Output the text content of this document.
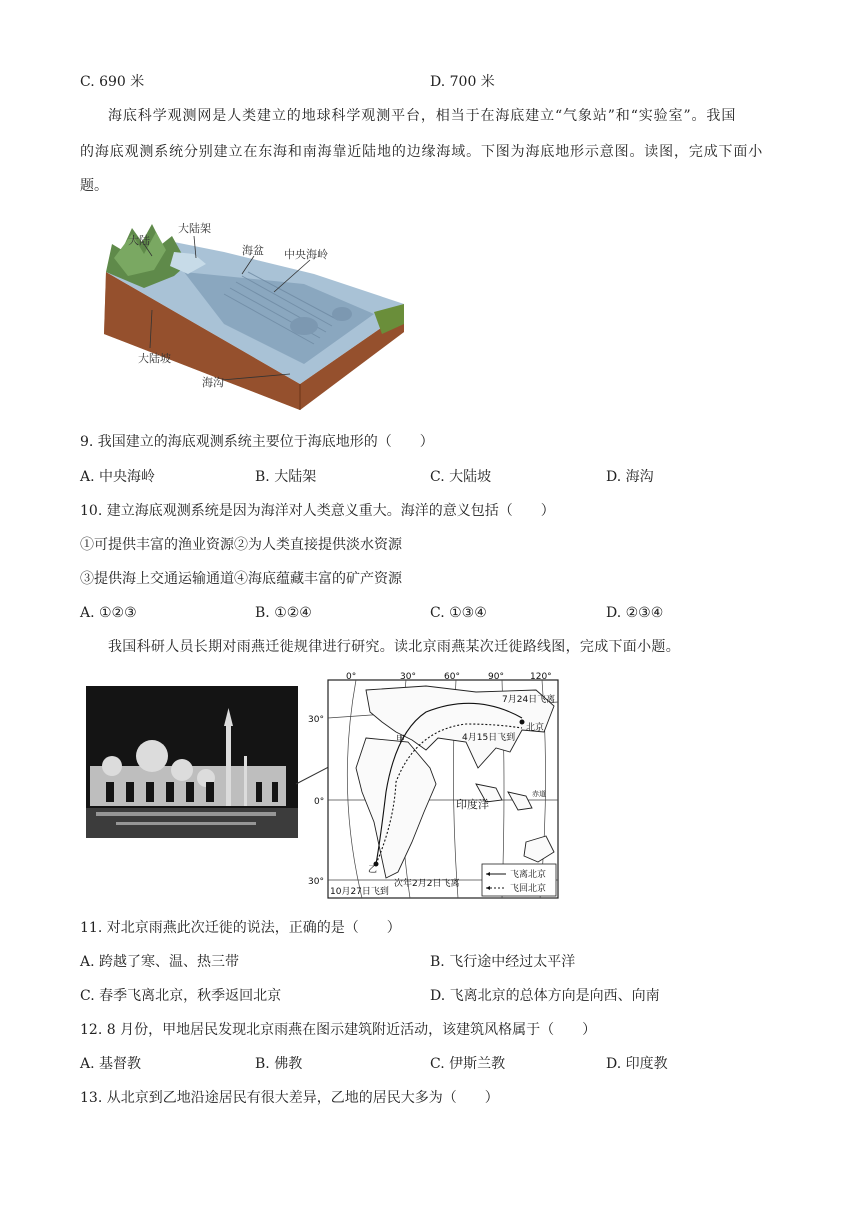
C. 690 米	D. 700 米
海底科学观测网是人类建立的地球科学观测平台，相当于在海底建立“气象站”和“实验室”。我国
的海底观测系统分别建立在东海和南海靠近陆地的边缘海域。下图为海底地形示意图。读图，完成下面小
题。
大陆
大陆架
海盆 中央海岭
大陆坡
海沟
9. 我国建立的海底观测系统主要位于海底地形的（　　）
A. 中央海岭	B. 大陆架	C. 大陆坡	D. 海沟
10. 建立海底观测系统是因为海洋对人类意义重大。海洋的意义包括（　　）
①可提供丰富的渔业资源②为人类直接提供淡水资源
③提供海上交通运输通道④海底蕴藏丰富的矿产资源
A. ①②③	B. ①②④	C. ①③④	D. ②③④
我国科研人员长期对雨燕迁徙规律进行研究。读北京雨燕某次迁徙路线图，完成下面小题。
0°	30°	60°	90°	120°
30°
0°
30°
北京
甲
乙
印度洋
赤道
7月24日飞离
4月15日飞到
10月27日飞到
次年2月2日飞离
飞离北京
飞回北京
11. 对北京雨燕此次迁徙的说法，正确的是（　　）
A. 跨越了寒、温、热三带	B. 飞行途中经过太平洋
C. 春季飞离北京，秋季返回北京	D. 飞离北京的总体方向是向西、向南
12. 8 月份，甲地居民发现北京雨燕在图示建筑附近活动，该建筑风格属于（　　）
A. 基督教	B. 佛教	C. 伊斯兰教	D. 印度教
13. 从北京到乙地沿途居民有很大差异，乙地的居民大多为（　　）
